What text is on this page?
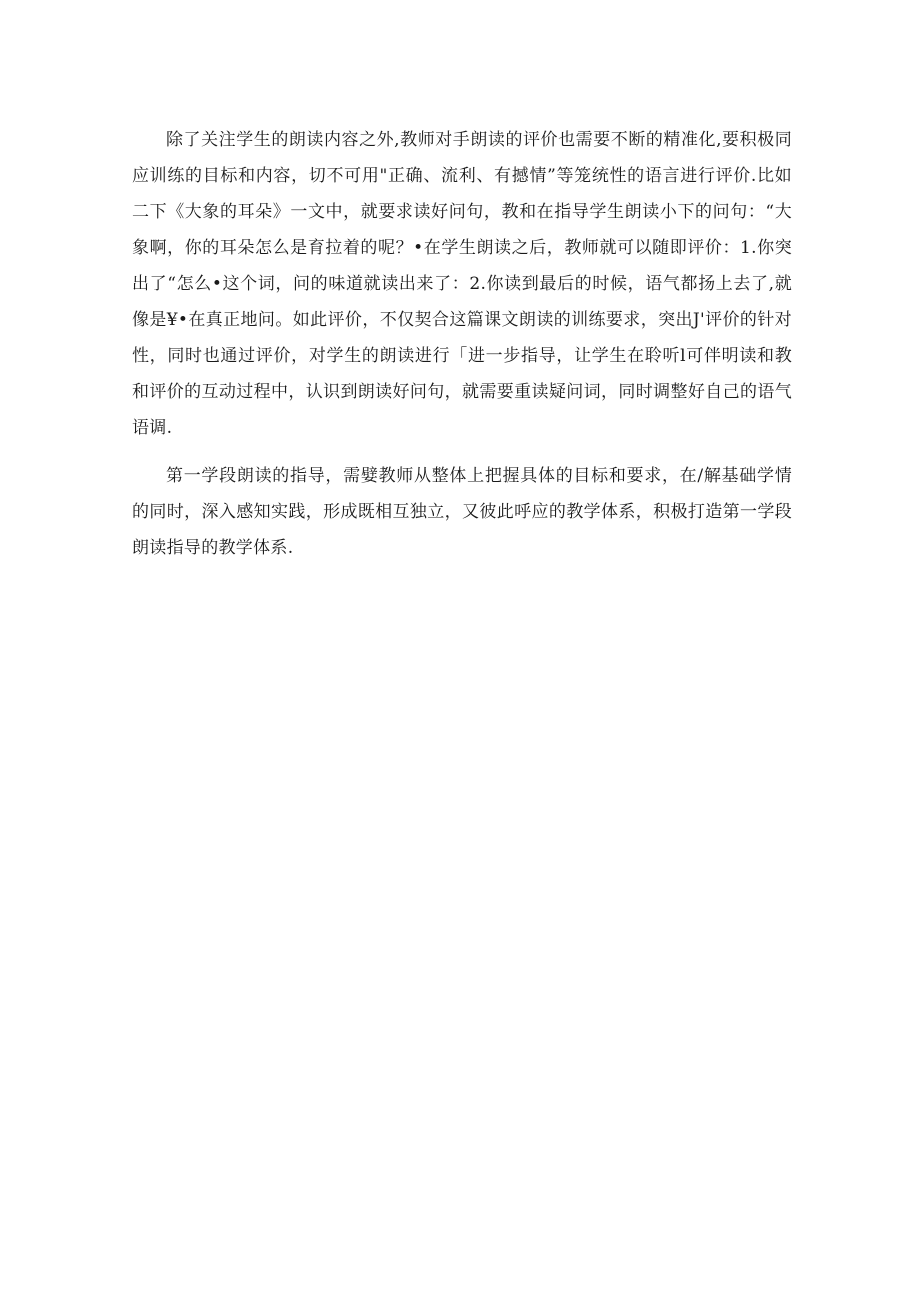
除了关注学生的朗读内容之外,教师对手朗读的评价也需要不断的精准化,要积极同应训练的目标和内容，切不可用"正确、流利、有撼情”等笼统性的语言进行评价.比如二下《大象的耳朵》一文中，就要求读好问句，教和在指导学生朗读小下的问句：“大象啊，你的耳朵怎么是育拉着的呢？•在学生朗读之后，教师就可以随即评价：1.你突出了“怎么•这个词，问的味道就读出来了：2.你读到最后的时候，语气都扬上去了,就像是¥•在真正地问。如此评价，不仅契合这篇课文朗读的训练要求，突出J'评价的针对性，同时也通过评价，对学生的朗读进行「进一步指导，让学生在聆听l可伴明读和教和评价的互动过程中，认识到朗读好问句，就需要重读疑问词，同时调整好自己的语气语调.

第一学段朗读的指导，需嬖教师从整体上把握具体的目标和要求，在/解基础学情的同时，深入感知实践，形成既相互独立，又彼此呼应的教学体系，积极打造第一学段朗读指导的教学体系.
